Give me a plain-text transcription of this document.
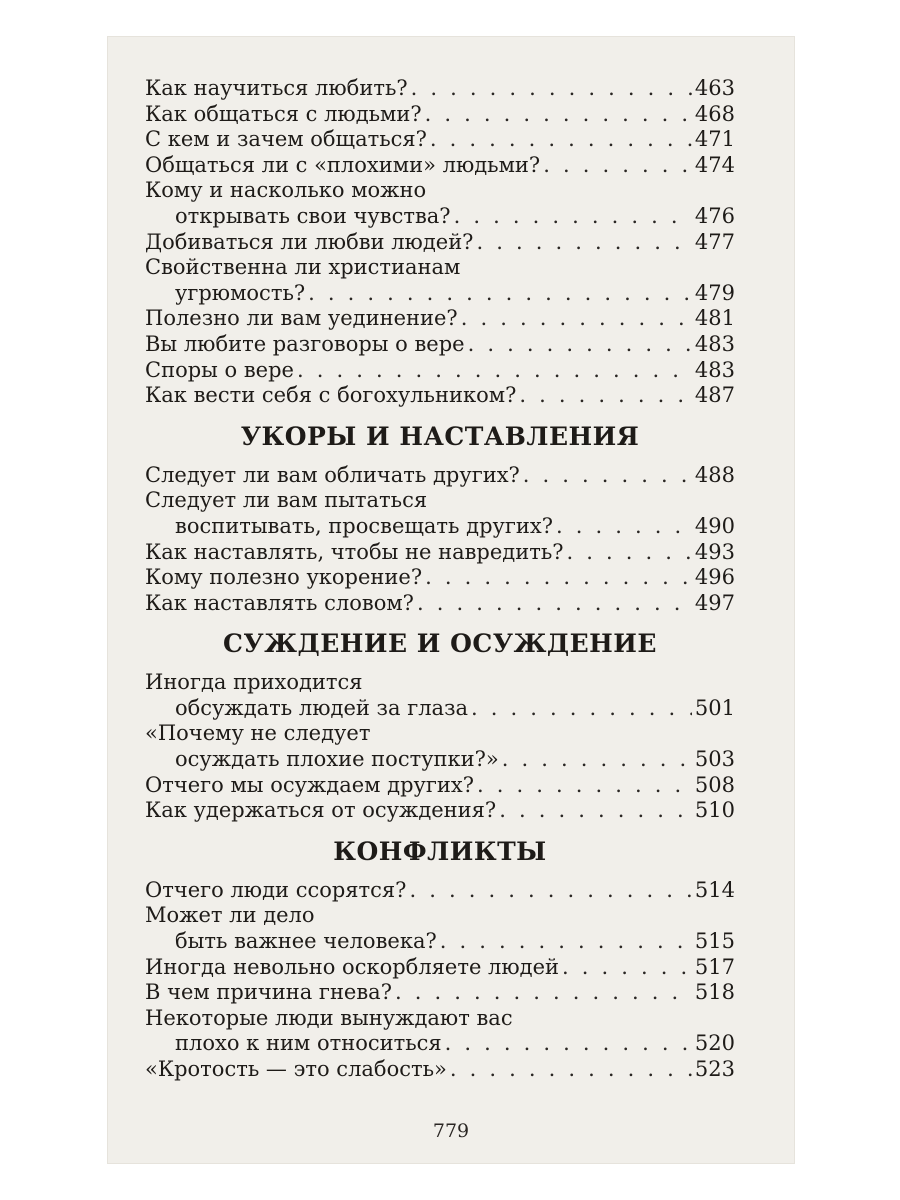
Как научиться любить? . . .	463
Как общаться с людьми? . . .	468
С кем и зачем общаться? . . .	471
Общаться ли с «плохими» людьми? . . .	474
Кому и насколько можно
открывать свои чувства? . . .	476
Добиваться ли любви людей? . . .	477
Свойственна ли христианам
угрюмость? . . .	479
Полезно ли вам уединение? . . .	481
Вы любите разговоры о вере . . .	483
Споры о вере . . .	483
Как вести себя с богохульником? . . .	487
УКОРЫ И НАСТАВЛЕНИЯ
Следует ли вам обличать других? . . .	488
Следует ли вам пытаться
воспитывать, просвещать других? . . .	490
Как наставлять, чтобы не навредить? . . .	493
Кому полезно укорение? . . .	496
Как наставлять словом? . . .	497
СУЖДЕНИЕ И ОСУЖДЕНИЕ
Иногда приходится
обсуждать людей за глаза . . .	501
«Почему не следует
осуждать плохие поступки?» . . .	503
Отчего мы осуждаем других? . . .	508
Как удержаться от осуждения? . . .	510
КОНФЛИКТЫ
Отчего люди ссорятся? . . .	514
Может ли дело
быть важнее человека? . . .	515
Иногда невольно оскорбляете людей . . .	517
В чем причина гнева? . . .	518
Некоторые люди вынуждают вас
плохо к ним относиться . . .	520
«Кротость — это слабость» . . .	523
779
